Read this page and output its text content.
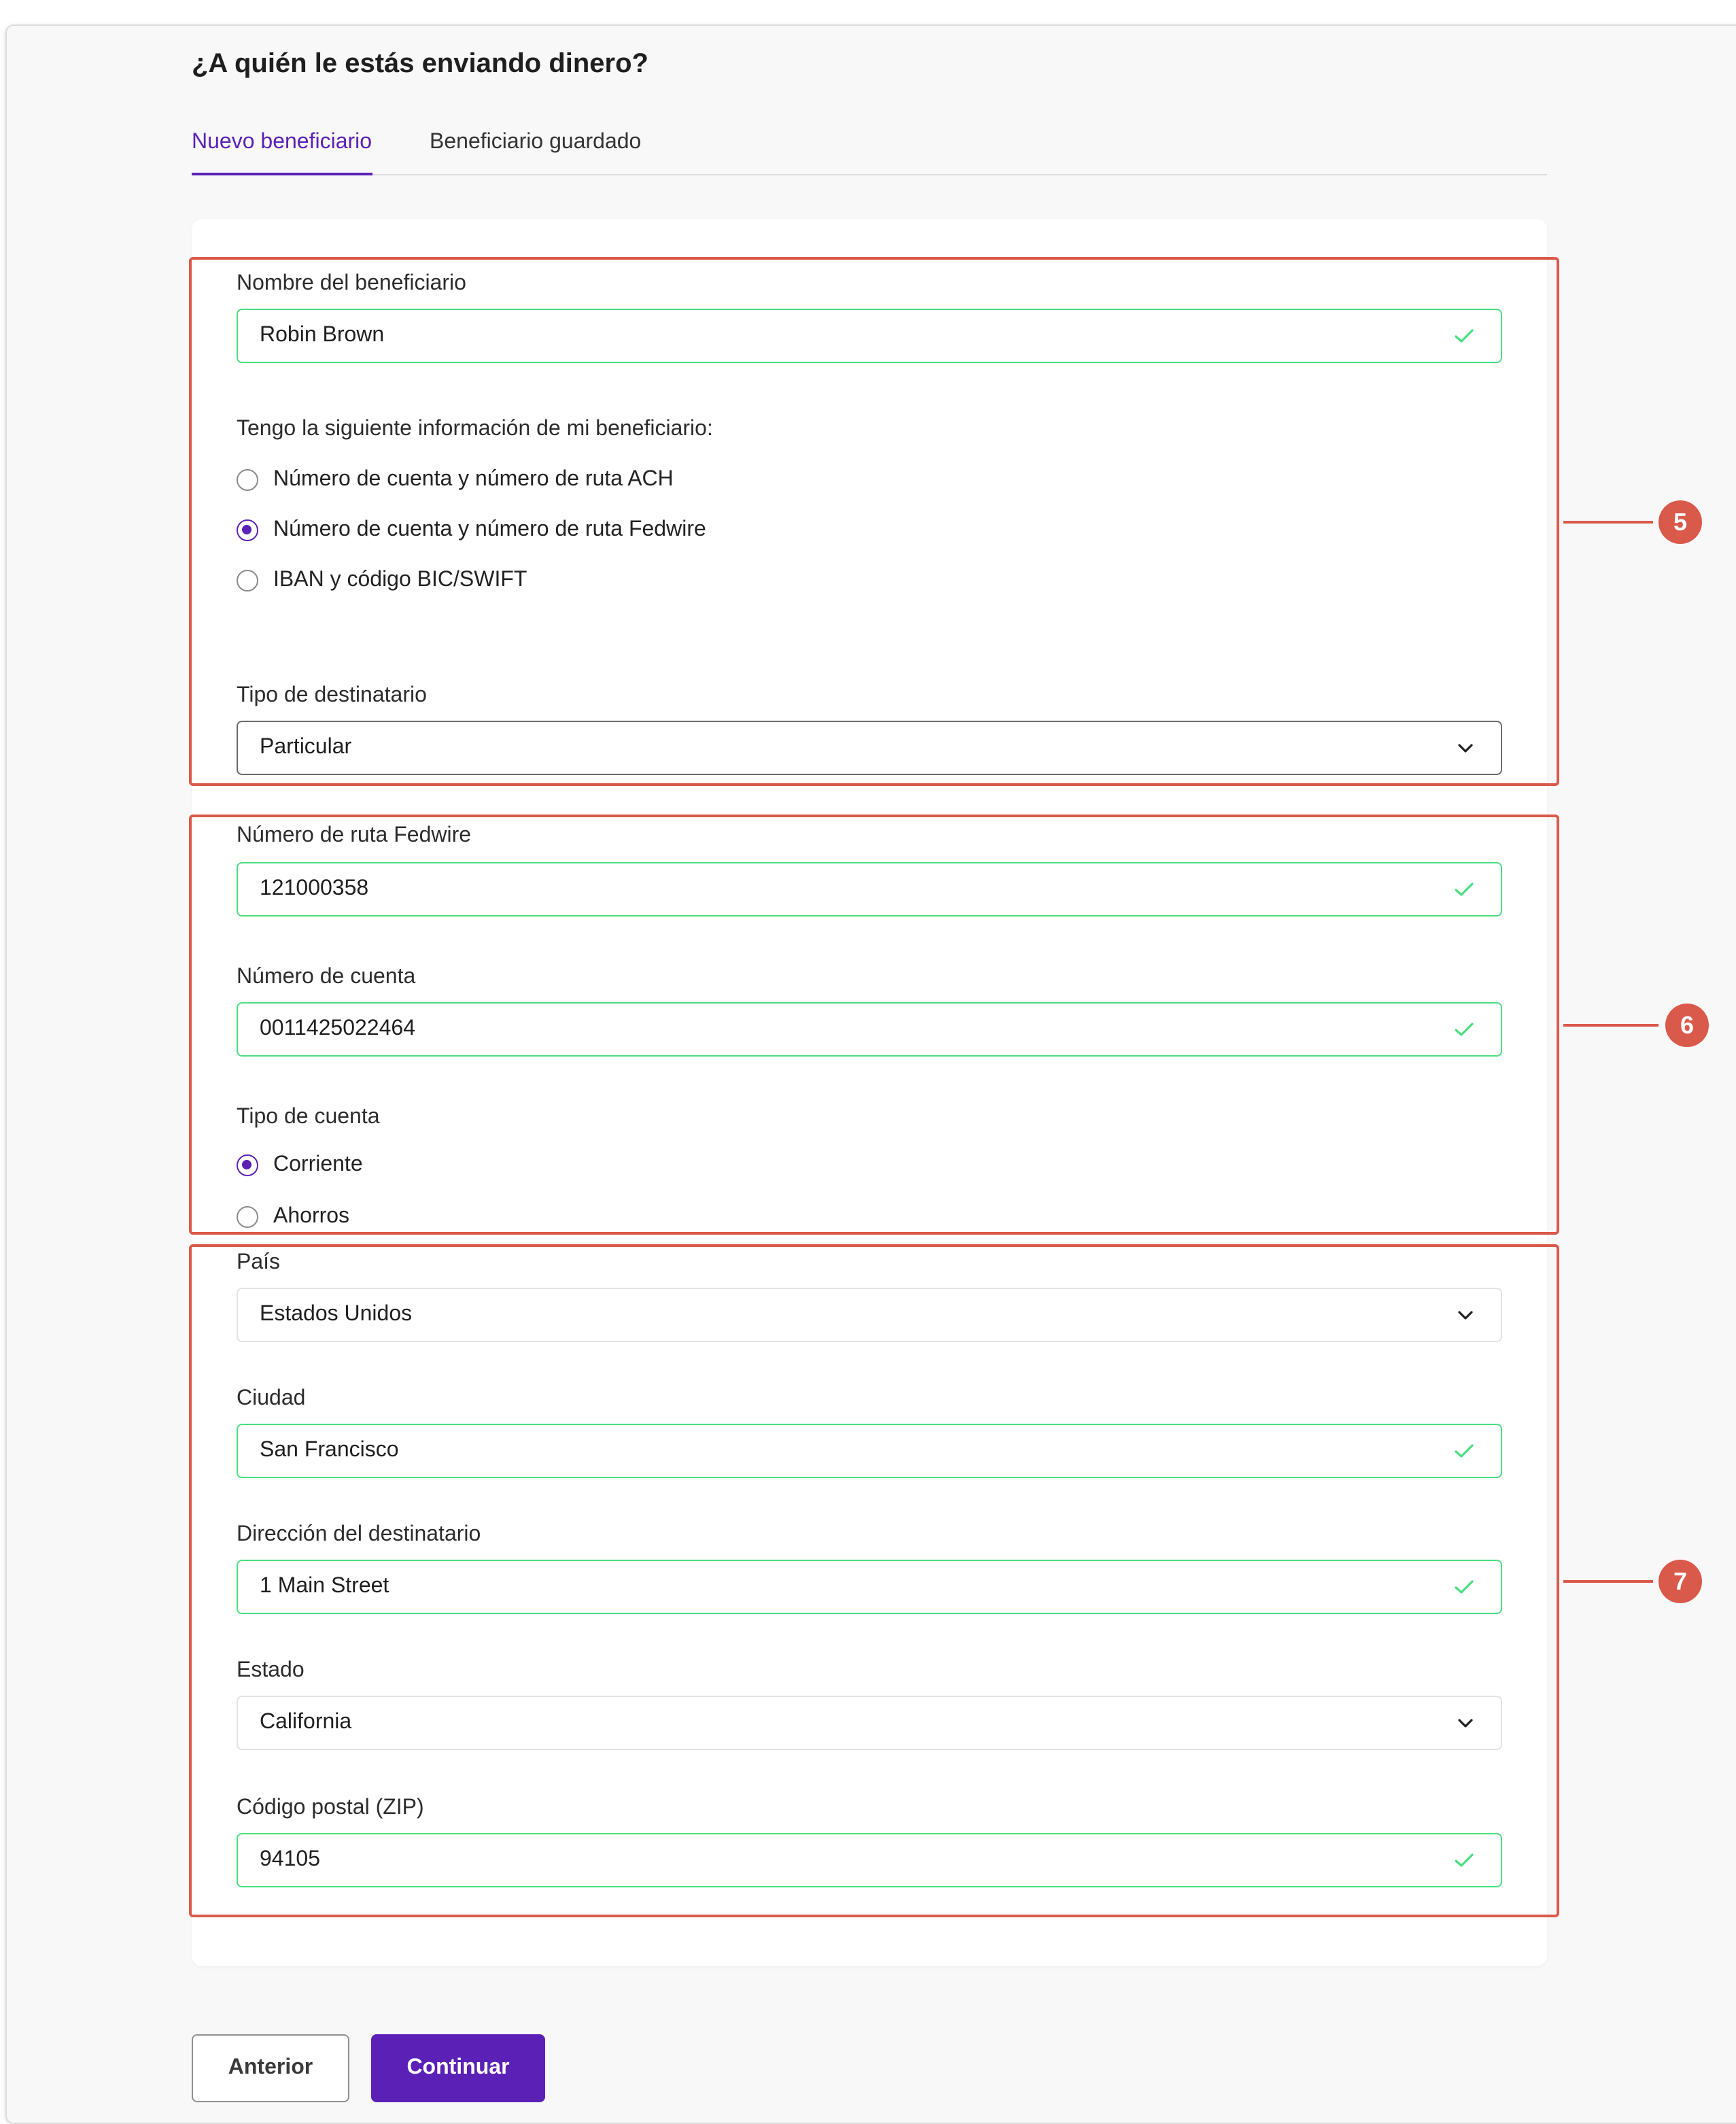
¿A quién le estás enviando dinero?
Nuevo beneficiario	Beneficiario guardado
Nombre del beneficiario
Robin Brown
Tengo la siguiente información de mi beneficiario:
Número de cuenta y número de ruta ACH
Número de cuenta y número de ruta Fedwire
IBAN y código BIC/SWIFT
Tipo de destinatario
Particular
Número de ruta Fedwire
121000358
Número de cuenta
0011425022464
Tipo de cuenta
Corriente
Ahorros
País
Estados Unidos
Ciudad
San Francisco
Dirección del destinatario
1 Main Street
Estado
California
Código postal (ZIP)
94105
5
6
7
Anterior	Continuar
